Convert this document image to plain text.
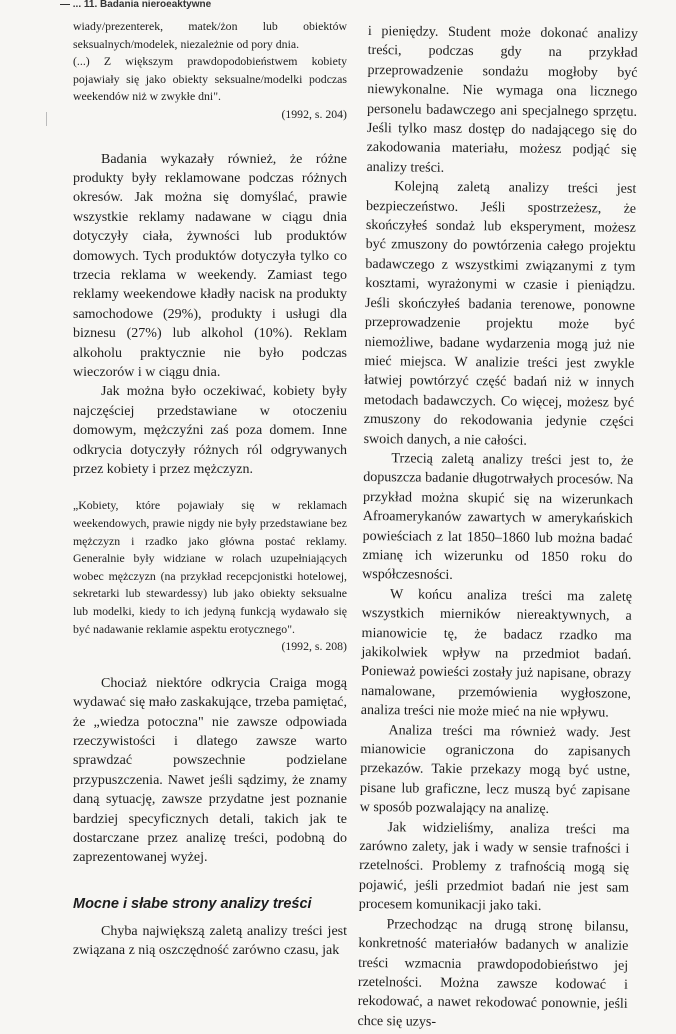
— ... 11. Badania nieroeaktywne

wiady/prezenterek, matek/żon lub obiektów seksualnych/modelek, niezależnie od pory dnia.

(...) Z większym prawdopodobieństwem kobiety pojawiały się jako obiekty seksualne/modelki podczas weekendów niż w zwykłe dni".

(1992, s. 204)

Badania wykazały również, że różne produkty były reklamowane podczas różnych okresów. Jak można się domyślać, prawie wszystkie reklamy nadawane w ciągu dnia dotyczyły ciała, żywności lub produktów domowych. Tych produktów dotyczyła tylko co trzecia reklama w weekendy. Zamiast tego reklamy weekendowe kładły nacisk na produkty samochodowe (29%), produkty i usługi dla biznesu (27%) lub alkohol (10%). Reklam alkoholu praktycznie nie było podczas wieczorów i w ciągu dnia.

Jak można było oczekiwać, kobiety były najczęściej przedstawiane w otoczeniu domowym, mężczyźni zaś poza domem. Inne odkrycia dotyczyły różnych ról odgrywanych przez kobiety i przez mężczyzn.

„Kobiety, które pojawiały się w reklamach weekendowych, prawie nigdy nie były przedstawiane bez mężczyzn i rzadko jako główna postać reklamy. Generalnie były widziane w rolach uzupełniających wobec mężczyzn (na przykład recepcjonistki hotelowej, sekretarki lub stewardessy) lub jako obiekty seksualne lub modelki, kiedy to ich jedyną funkcją wydawało się być nadawanie reklamie aspektu erotycznego".

(1992, s. 208)

Chociaż niektóre odkrycia Craiga mogą wydawać się mało zaskakujące, trzeba pamiętać, że „wiedza potoczna" nie zawsze odpowiada rzeczywistości i dlatego zawsze warto sprawdzać powszechnie podzielane przypuszczenia. Nawet jeśli sądzimy, że znamy daną sytuację, zawsze przydatne jest poznanie bardziej specyficznych detali, takich jak te dostarczane przez analizę treści, podobną do zaprezentowanej wyżej.

Mocne i słabe strony analizy treści

Chyba największą zaletą analizy treści jest związana z nią oszczędność zarówno czasu, jak

i pieniędzy. Student może dokonać analizy treści, podczas gdy na przykład przeprowadzenie sondażu mogłoby być niewykonalne. Nie wymaga ona licznego personelu badawczego ani specjalnego sprzętu. Jeśli tylko masz dostęp do nadającego się do zakodowania materiału, możesz podjąć się analizy treści.

Kolejną zaletą analizy treści jest bezpieczeństwo. Jeśli spostrzeżesz, że skończyłeś sondaż lub eksperyment, możesz być zmuszony do powtórzenia całego projektu badawczego z wszystkimi związanymi z tym kosztami, wyrażonymi w czasie i pieniądzu. Jeśli skończyłeś badania terenowe, ponowne przeprowadzenie projektu może być niemożliwe, badane wydarzenia mogą już nie mieć miejsca. W analizie treści jest zwykle łatwiej powtórzyć część badań niż w innych metodach badawczych. Co więcej, możesz być zmuszony do rekodowania jedynie części swoich danych, a nie całości.

Trzecią zaletą analizy treści jest to, że dopuszcza badanie długotrwałych procesów. Na przykład można skupić się na wizerunkach Afroamerykanów zawartych w amerykańskich powieściach z lat 1850–1860 lub można badać zmianę ich wizerunku od 1850 roku do współczesności.

W końcu analiza treści ma zaletę wszystkich mierników niereaktywnych, a mianowicie tę, że badacz rzadko ma jakikolwiek wpływ na przedmiot badań. Ponieważ powieści zostały już napisane, obrazy namalowane, przemówienia wygłoszone, analiza treści nie może mieć na nie wpływu.

Analiza treści ma również wady. Jest mianowicie ograniczona do zapisanych przekazów. Takie przekazy mogą być ustne, pisane lub graficzne, lecz muszą być zapisane w sposób pozwalający na analizę.

Jak widzieliśmy, analiza treści ma zarówno zalety, jak i wady w sensie trafności i rzetelności. Problemy z trafnością mogą się pojawić, jeśli przedmiot badań nie jest sam procesem komunikacji jako taki.

Przechodząc na drugą stronę bilansu, konkretność materiałów badanych w analizie treści wzmacnia prawdopodobieństwo jej rzetelności. Można zawsze kodować i rekodować, a nawet rekodować ponownie, jeśli chce się uzys-
